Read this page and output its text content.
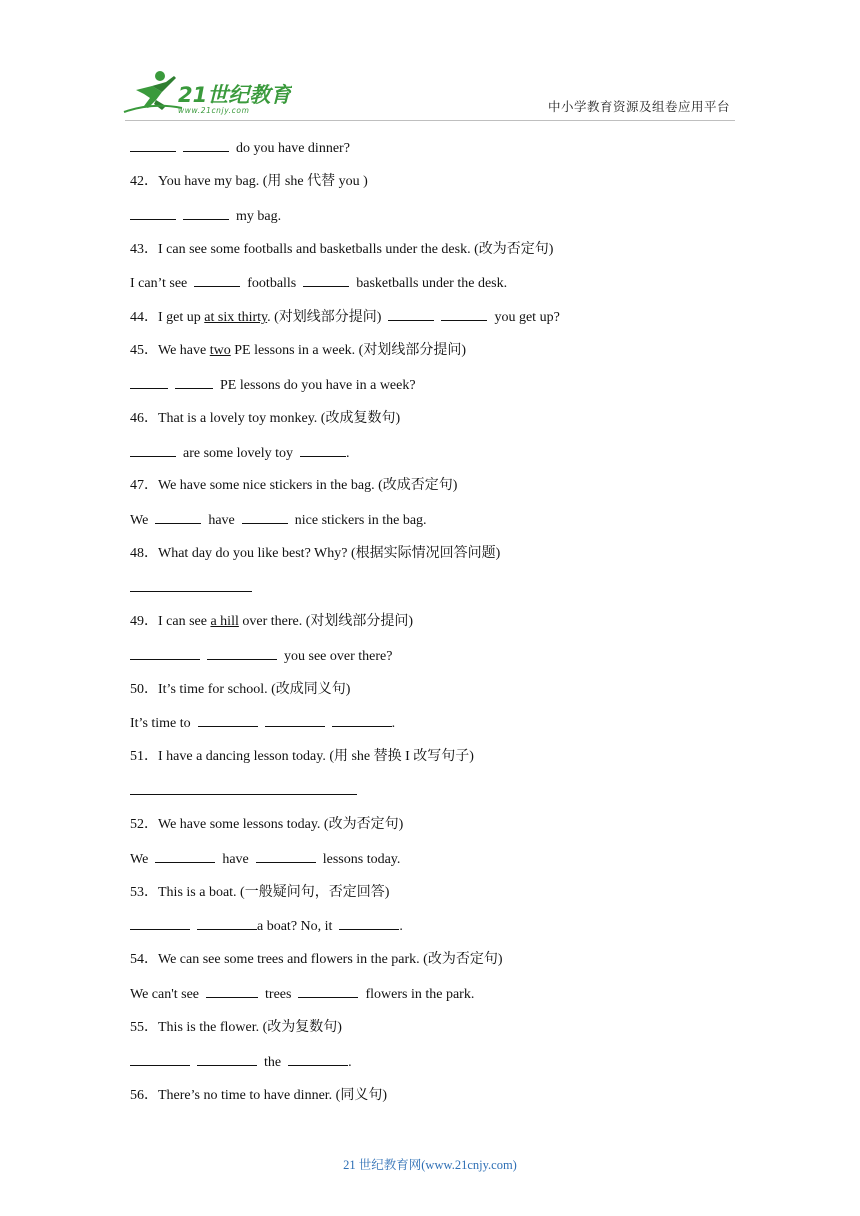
21世纪教育
www.21cnjy.com	中小学教育资源及组卷应用平台
do you have dinner?
42．You have my bag. (用 she 代替 you )
my bag.
43．I can see some footballs and basketballs under the desk. (改为否定句)
I can’t see	footballs	basketballs under the desk.
44．I get up at six thirty. (对划线部分提问)	you get up?
45．We have two PE lessons in a week. (对划线部分提问)
PE lessons do you have in a week?
46．That is a lovely toy monkey. (改成复数句)
are some lovely toy	.
47．We have some nice stickers in the bag. (改成否定句)
We	have	nice stickers in the bag.
48．What day do you like best? Why? (根据实际情况回答问题)
49．I can see a hill over there. (对划线部分提问)
you see over there?
50．It’s time for school. (改成同义句)
It’s time to	.
51．I have a dancing lesson today. (用 she 替换 I 改写句子)
52．We have some lessons today. (改为否定句)
We	have	lessons today.
53．This is a boat. (一般疑问句，否定回答)
a boat? No, it	.
54．We can see some trees and flowers in the park. (改为否定句)
We can't see	trees	flowers in the park.
55．This is the flower. (改为复数句)
the	.
56．There’s no time to have dinner. (同义句)
21 世纪教育网(www.21cnjy.com)
